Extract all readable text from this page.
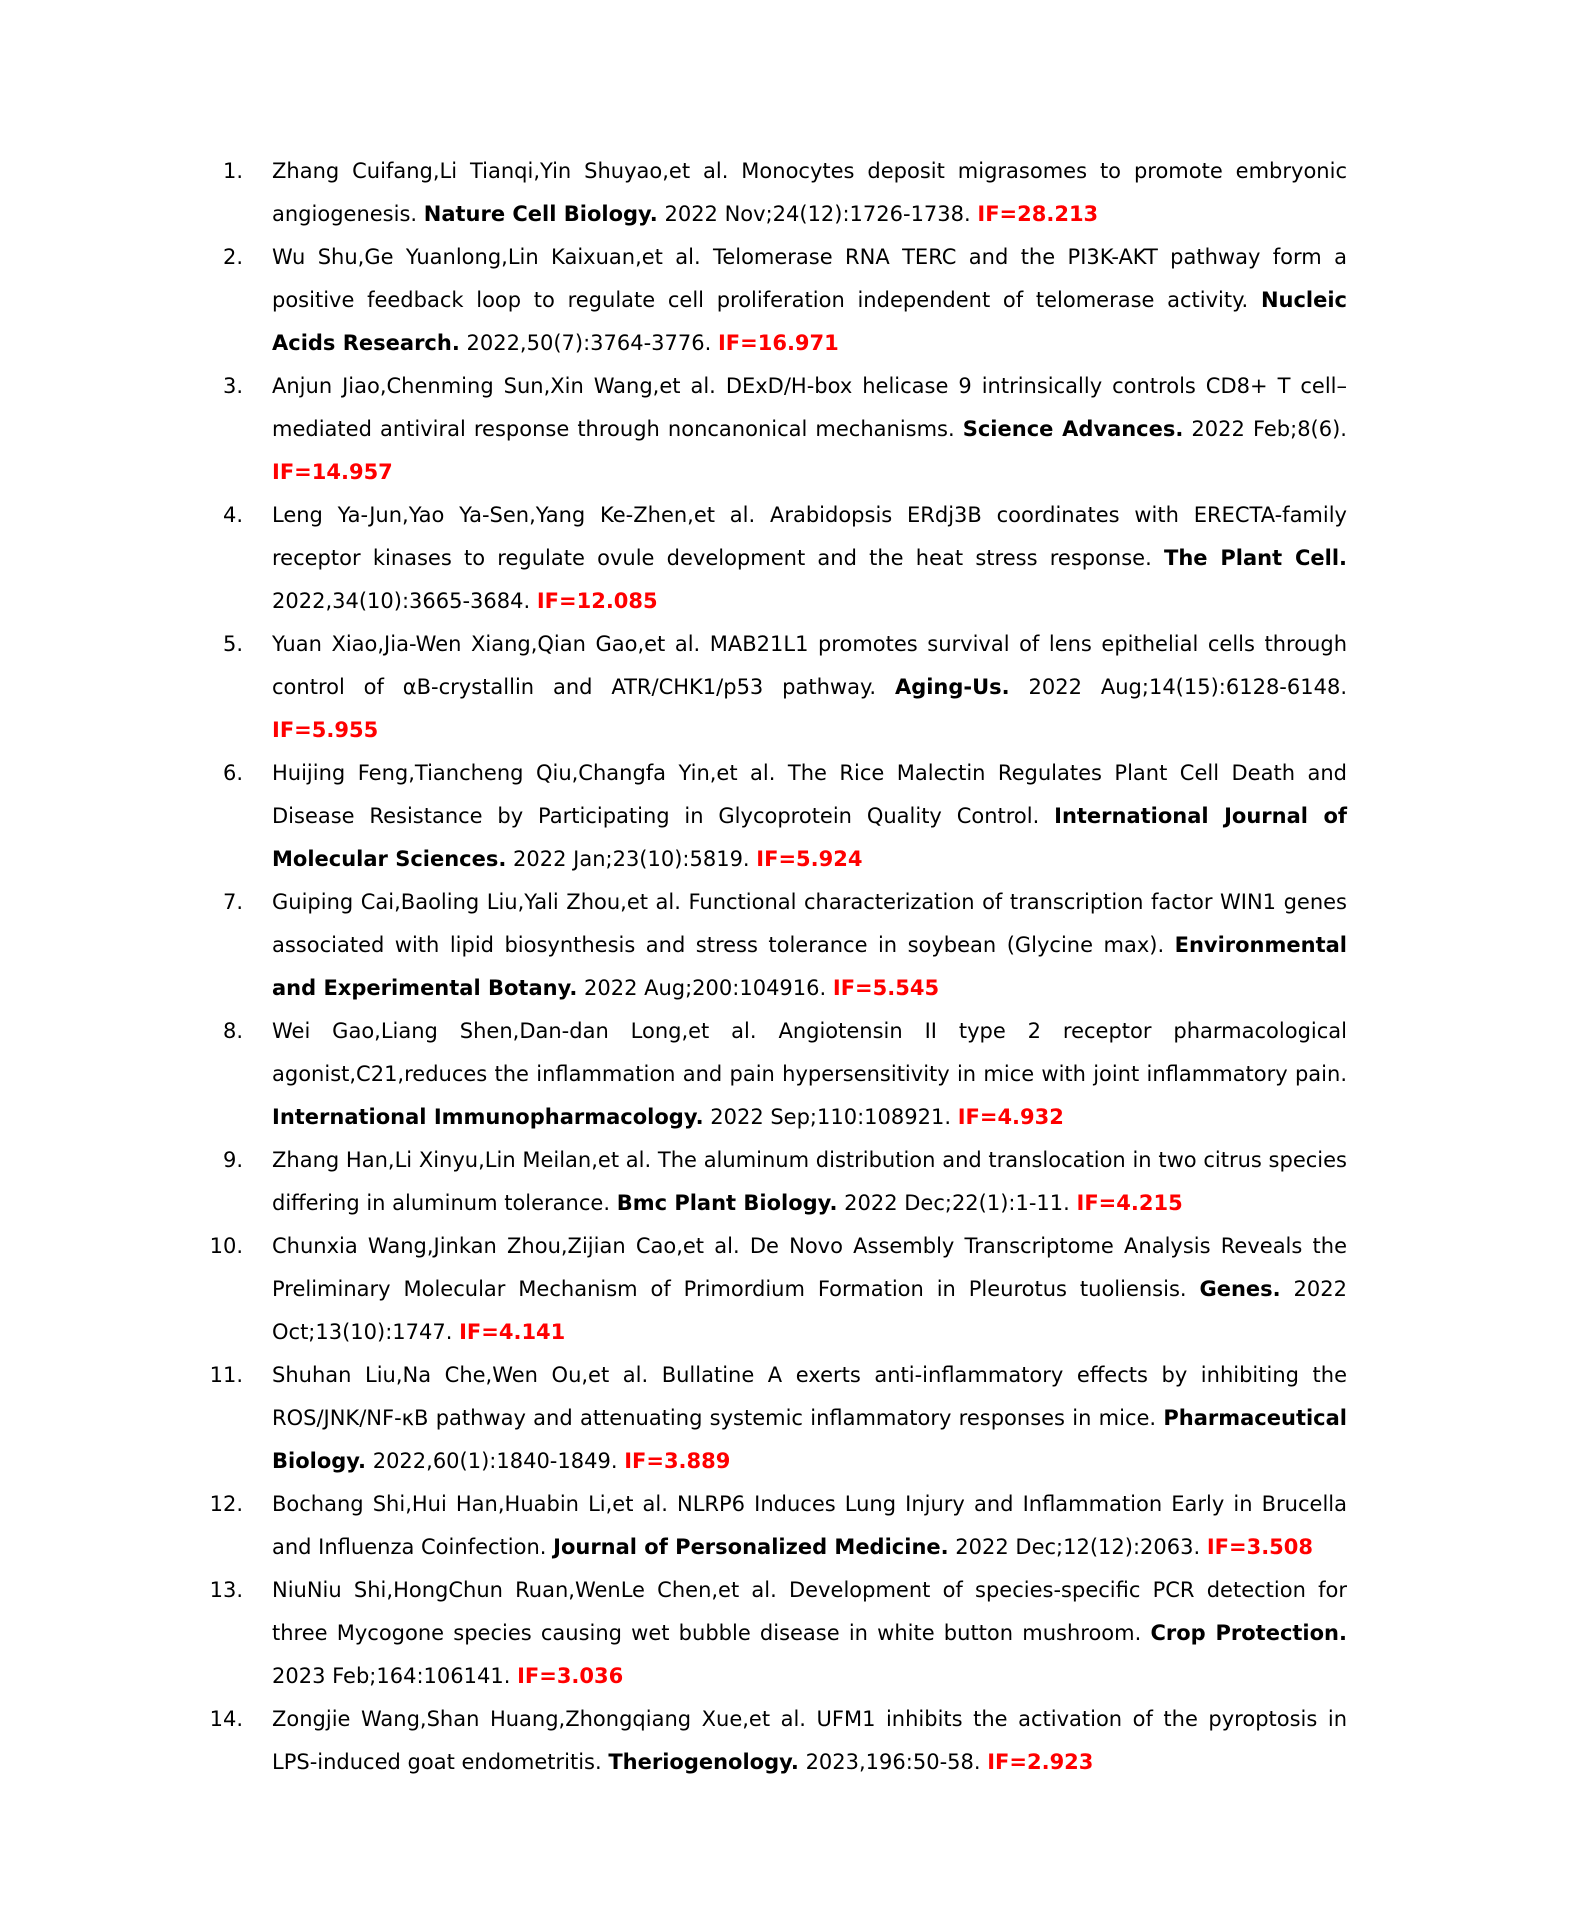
1.	Zhang Cuifang,Li Tianqi,Yin Shuyao,et al. Monocytes deposit migrasomes to promote embryonic angiogenesis. Nature Cell Biology. 2022 Nov;24(12):1726-1738. IF=28.213
2.	Wu Shu,Ge Yuanlong,Lin Kaixuan,et al. Telomerase RNA TERC and the PI3K-AKT pathway form a positive feedback loop to regulate cell proliferation independent of telomerase activity. Nucleic Acids Research. 2022,50(7):3764-3776. IF=16.971
3.	Anjun Jiao,Chenming Sun,Xin Wang,et al. DExD/H-box helicase 9 intrinsically controls CD8+ T cell–mediated antiviral response through noncanonical mechanisms. Science Advances. 2022 Feb;8(6). IF=14.957
4.	Leng Ya-Jun,Yao Ya-Sen,Yang Ke-Zhen,et al. Arabidopsis ERdj3B coordinates with ERECTA-family receptor kinases to regulate ovule development and the heat stress response. The Plant Cell. 2022,34(10):3665-3684. IF=12.085
5.	Yuan Xiao,Jia-Wen Xiang,Qian Gao,et al. MAB21L1 promotes survival of lens epithelial cells through control of αB-crystallin and ATR/CHK1/p53 pathway. Aging-Us. 2022 Aug;14(15):6128-6148. IF=5.955
6.	Huijing Feng,Tiancheng Qiu,Changfa Yin,et al. The Rice Malectin Regulates Plant Cell Death and Disease Resistance by Participating in Glycoprotein Quality Control. International Journal of Molecular Sciences. 2022 Jan;23(10):5819. IF=5.924
7.	Guiping Cai,Baoling Liu,Yali Zhou,et al. Functional characterization of transcription factor WIN1 genes associated with lipid biosynthesis and stress tolerance in soybean (Glycine max). Environmental and Experimental Botany. 2022 Aug;200:104916. IF=5.545
8.	Wei Gao,Liang Shen,Dan-dan Long,et al. Angiotensin II type 2 receptor pharmacological agonist,C21,reduces the inflammation and pain hypersensitivity in mice with joint inflammatory pain. International Immunopharmacology. 2022 Sep;110:108921. IF=4.932
9.	Zhang Han,Li Xinyu,Lin Meilan,et al. The aluminum distribution and translocation in two citrus species differing in aluminum tolerance. Bmc Plant Biology. 2022 Dec;22(1):1-11. IF=4.215
10.	Chunxia Wang,Jinkan Zhou,Zijian Cao,et al. De Novo Assembly Transcriptome Analysis Reveals the Preliminary Molecular Mechanism of Primordium Formation in Pleurotus tuoliensis. Genes. 2022 Oct;13(10):1747. IF=4.141
11.	Shuhan Liu,Na Che,Wen Ou,et al. Bullatine A exerts anti-inflammatory effects by inhibiting the ROS/JNK/NF-κB pathway and attenuating systemic inflammatory responses in mice. Pharmaceutical Biology. 2022,60(1):1840-1849. IF=3.889
12.	Bochang Shi,Hui Han,Huabin Li,et al. NLRP6 Induces Lung Injury and Inflammation Early in Brucella and Influenza Coinfection. Journal of Personalized Medicine. 2022 Dec;12(12):2063. IF=3.508
13.	NiuNiu Shi,HongChun Ruan,WenLe Chen,et al. Development of species-specific PCR detection for three Mycogone species causing wet bubble disease in white button mushroom. Crop Protection. 2023 Feb;164:106141. IF=3.036
14.	Zongjie Wang,Shan Huang,Zhongqiang Xue,et al. UFM1 inhibits the activation of the pyroptosis in LPS-induced goat endometritis. Theriogenology. 2023,196:50-58. IF=2.923
